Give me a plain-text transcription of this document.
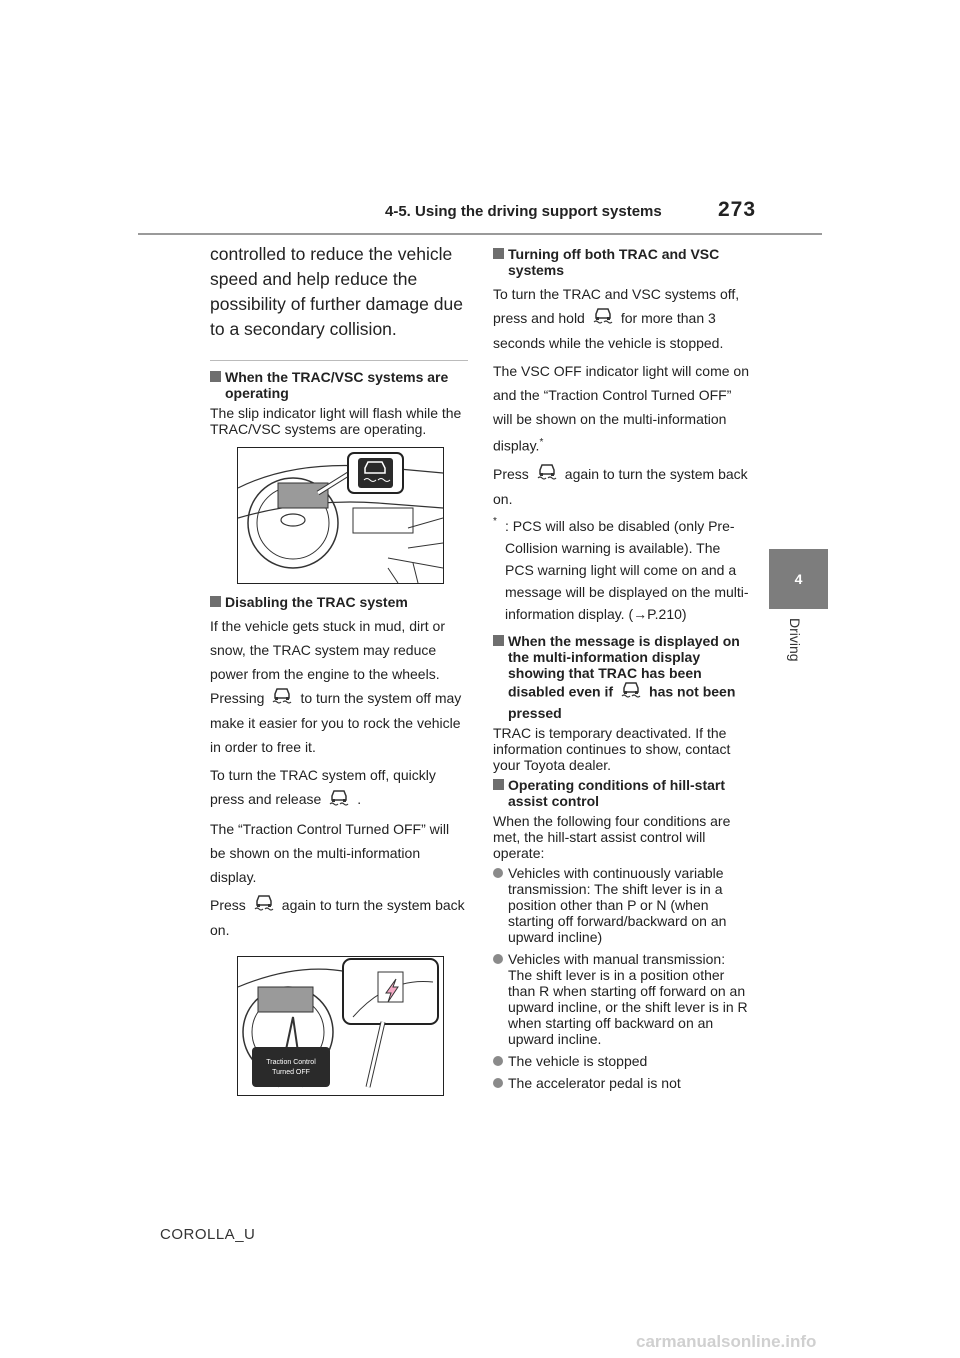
4-5. Using the driving support systems	273
4
Driving

controlled to reduce the vehicle speed and help reduce the possibility of further damage due to a secondary collision.

When the TRAC/VSC systems are operating

The slip indicator light will flash while the TRAC/VSC systems are operating.

Disabling the TRAC system

If the vehicle gets stuck in mud, dirt or snow, the TRAC system may reduce power from the engine to the wheels. Pressing	to turn the system off may make it easier for you to rock the vehicle in order to free it.

To turn the TRAC system off, quickly press and release	.

The “Traction Control Turned OFF” will be shown on the multi-information display.

Press	again to turn the system back on.

Traction Control
Turned OFF
Turning off both TRAC and VSC systems

To turn the TRAC and VSC systems off, press and hold	for more than 3 seconds while the vehicle is stopped.

The VSC OFF indicator light will come on and the “Traction Control Turned OFF” will be shown on the multi-information display.*

Press	again to turn the system back on.

* : PCS will also be disabled (only Pre-Collision warning is available). The PCS warning light will come on and a message will be displayed on the multi-information display. (→P.210)
When the message is displayed on the multi-information display showing that TRAC has been disabled even if	has not been pressed

TRAC is temporary deactivated. If the information continues to show, contact your Toyota dealer.

Operating conditions of hill-start assist control

When the following four conditions are met, the hill-start assist control will operate:

Vehicles with continuously variable transmission: The shift lever is in a position other than P or N (when starting off forward/backward on an upward incline)
Vehicles with manual transmission: The shift lever is in a position other than R when starting off forward on an upward incline, or the shift lever is in R when starting off backward on an upward incline.
The vehicle is stopped
The accelerator pedal is not
COROLLA_U
carmanualsonline.info
